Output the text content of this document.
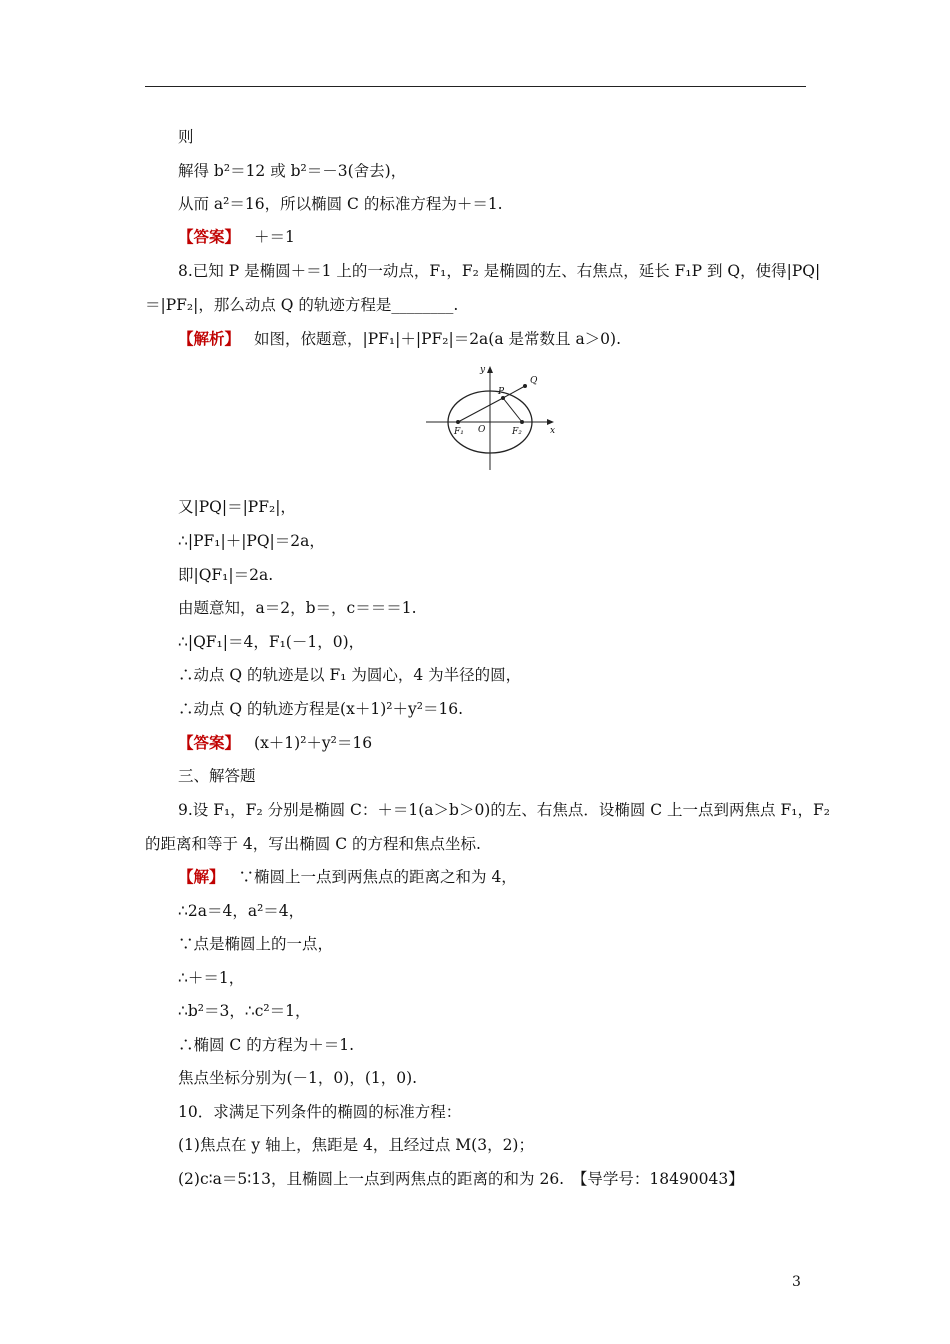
则
解得 b²＝12 或 b²＝－3(舍去)，
从而 a²＝16，所以椭圆 C 的标准方程为＋＝1.
【答案】 ＋＝1
8.已知 P 是椭圆＋＝1 上的一动点，F₁，F₂ 是椭圆的左、右焦点，延长 F₁P 到 Q，使得|PQ|
＝|PF₂|，那么动点 Q 的轨迹方程是________.
【解析】 如图，依题意，|PF₁|＋|PF₂|＝2a(a 是常数且 a＞0).
y
x
P
Q
O
F₁	F₂
又|PQ|＝|PF₂|，
∴|PF₁|＋|PQ|＝2a，
即|QF₁|＝2a.
由题意知，a＝2，b＝，c＝＝＝1.
∴|QF₁|＝4，F₁(－1，0)，
∴动点 Q 的轨迹是以 F₁ 为圆心，4 为半径的圆，
∴动点 Q 的轨迹方程是(x＋1)²＋y²＝16.
【答案】 (x＋1)²＋y²＝16
三、解答题
9.设 F₁，F₂ 分别是椭圆 C：＋＝1(a＞b＞0)的左、右焦点．设椭圆 C 上一点到两焦点 F₁，F₂
的距离和等于 4，写出椭圆 C 的方程和焦点坐标.
【解】 ∵椭圆上一点到两焦点的距离之和为 4，
∴2a＝4，a²＝4，
∵点是椭圆上的一点，
∴＋＝1，
∴b²＝3，∴c²＝1，
∴椭圆 C 的方程为＋＝1.
焦点坐标分别为(－1，0)，(1，0).
10．求满足下列条件的椭圆的标准方程：
(1)焦点在 y 轴上，焦距是 4，且经过点 M(3，2)；
(2)c∶a＝5∶13，且椭圆上一点到两焦点的距离的和为 26.　【导学号：18490043】
3
